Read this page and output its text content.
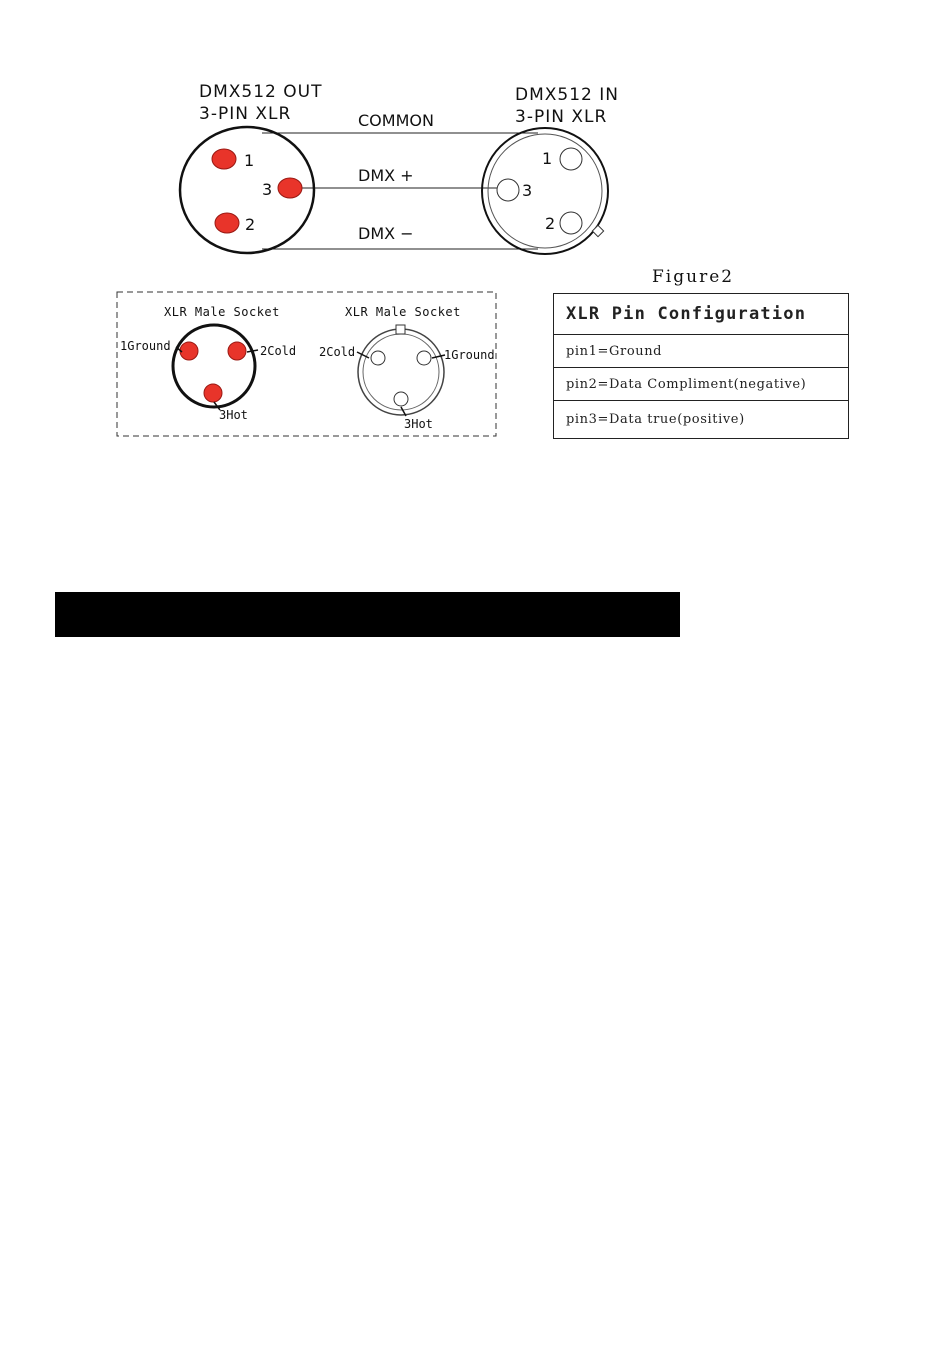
DMX512 OUT
3-PIN XLR
DMX512 IN
3-PIN XLR
COMMON
DMX +
DMX −
1
3
2
1
3
2
Figure2
XLR Male Socket
1Ground	2Cold
3Hot
XLR Male Socket
2Cold	1Ground
3Hot
XLR Pin Configuration
pin1=Ground
pin2=Data Compliment(negative)
pin3=Data true(positive)
